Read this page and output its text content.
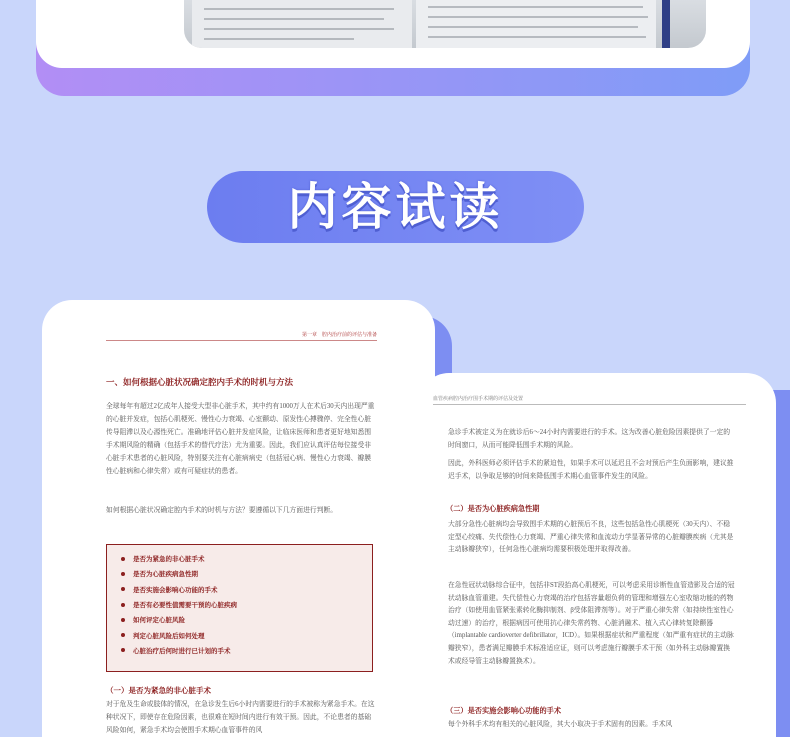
内容试读
第一章　腔内治疗前的评估与准备
一、如何根据心脏状况确定腔内手术的时机与方法
全球每年有超过2亿成年人接受大型非心脏手术，其中约有1000万人在术后30天内出现严重的心脏并发症，包括心肌梗死、慢性心力衰竭、心室颤动、原发性心搏骤停、完全性心脏传导阻滞以及心源性死亡。准确地评估心脏并发症风险，让临床医师和患者更好地知悉围手术期风险的精确（包括手术的替代疗法）尤为重要。因此，我们应认真评估每位接受非心脏手术患者的心脏风险，特别要关注有心脏病病史（包括冠心病、慢性心力衰竭、瓣膜性心脏病和心律失常）或有可疑症状的患者。
如何根据心脏状况确定腔内手术的时机与方法？要遵循以下几方面进行判断。
是否为紧急的非心脏手术
是否为心脏疾病急性期
是否实施会影响心功能的手术
是否有必要性值需要干预的心脏疾病
如何评定心脏风险
判定心脏风险后如何处理
心脏治疗后何时进行已计划的手术
（一）是否为紧急的非心脏手术
对于危及生命或肢体的情况，在急诊发生后6小时内需要进行的手术被称为紧急手术。在这种状况下，即使存在危险因素，也很难在短时间内进行有效干预。因此，不论患者的基础风险如何，紧急手术均会使围手术期心血管事件的风
血管疾病腔内治疗围手术期的评估及处置
急诊手术被定义为在就诊后6～24小时内需要进行的手术。这为改善心脏危险因素提供了一定的时间窗口，从而可能降低围手术期的风险。
因此，外科医师必须评估手术的紧迫性，如果手术可以延迟且不会对预后产生负面影响，建议推迟手术，以争取足够的时间来降低围手术期心血管事件发生的风险。
（二）是否为心脏疾病急性期
大部分急性心脏病均会导致围手术期的心脏预后不良，这些包括急性心肌梗死（30天内）、不稳定型心绞痛、失代偿性心力衰竭、严重心律失常和血流动力学显著异常的心脏瓣膜疾病（尤其是主动脉瓣狭窄），任何急性心脏病均需要积极处理并取得改善。
在急性冠状动脉综合征中，包括非ST段抬高心肌梗死，可以考虑采用诊断性血管造影及合适的冠状动脉血管重建。失代偿性心力衰竭的治疗包括容量超负荷的管理和增强左心室收缩功能的药物治疗（如使用血管紧张素转化酶抑制剂、β受体阻滞剂等）。对于严重心律失常（如持续性室性心动过速）的治疗，根据病因可使用抗心律失常药物、心脏消融术、植入式心律转复除颤器（implantable cardioverter defibrillator，ICD）。如果根据症状和严重程度（如严重有症状的主动脉瓣狭窄），患者满足瓣膜手术标准适应证，则可以考虑施行瓣膜手术干预（如外科主动脉瓣置换术或经导管主动脉瓣置换术）。
（三）是否实施会影响心功能的手术
每个外科手术均有相关的心脏风险，其大小取决于手术固有的因素。手术风
